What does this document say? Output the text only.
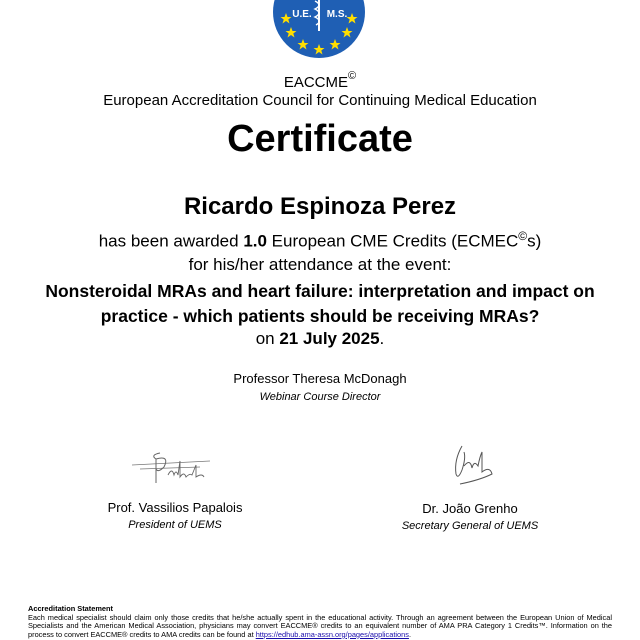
U.E. M.S.
EACCME©
European Accreditation Council for Continuing Medical Education
Certificate
Ricardo Espinoza Perez
has been awarded 1.0 European CME Credits (ECMEC©s)
for his/her attendance at the event:
Nonsteroidal MRAs and heart failure: interpretation and impact on practice - which patients should be receiving MRAs?
on 21 July 2025.
Professor Theresa McDonagh
Webinar Course Director
Prof. Vassilios Papalois
President of UEMS
Dr. João Grenho
Secretary General of UEMS
Accreditation Statement
Each medical specialist should claim only those credits that he/she actually spent in the educational activity. Through an agreement between the European Union of Medical Specialists and the American Medical Association, physicians may convert EACCME® credits to an equivalent number of AMA PRA Category 1 Credits™. Information on the process to convert EACCME® credits to AMA credits can be found at https://edhub.ama-assn.org/pages/applications.
